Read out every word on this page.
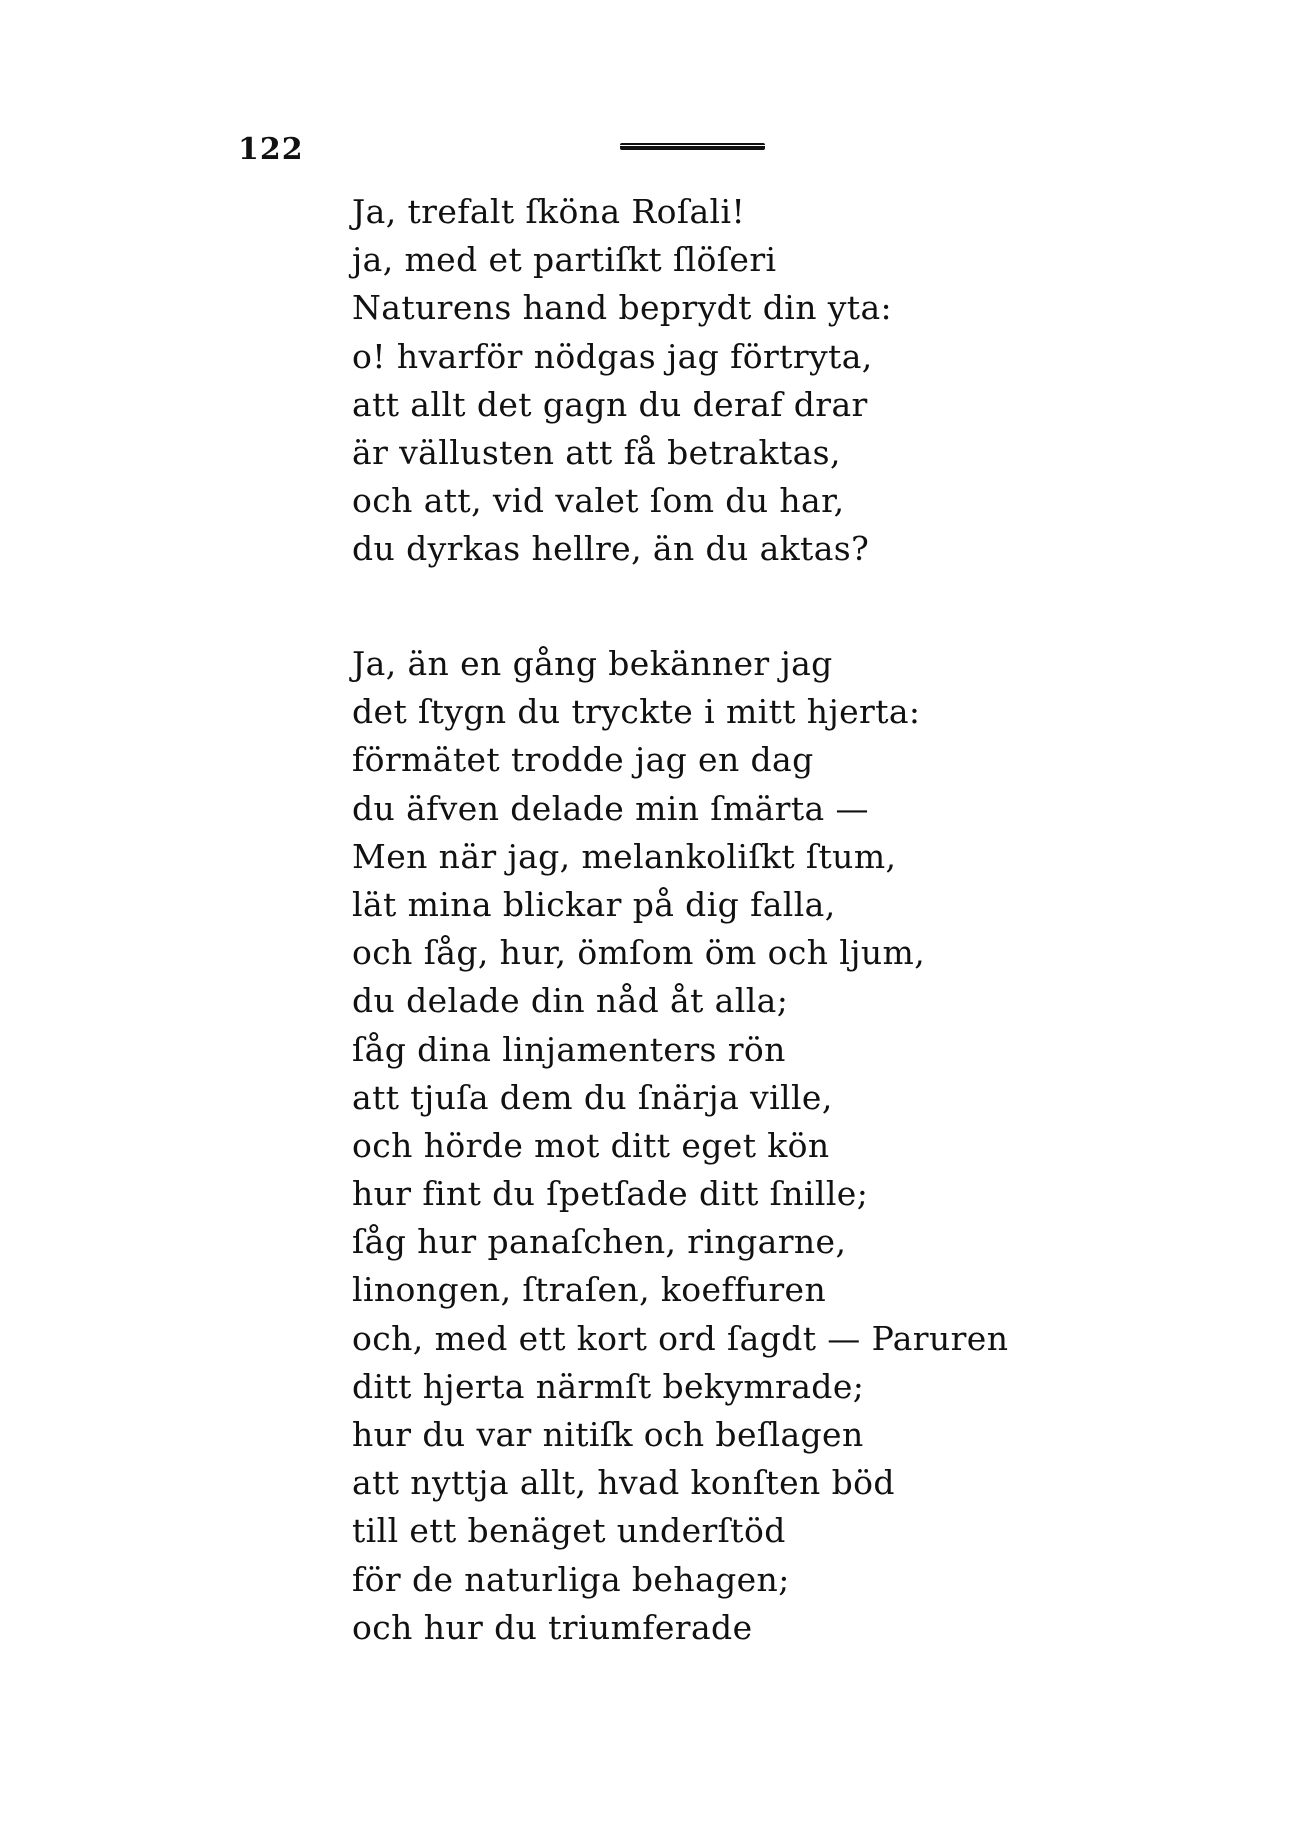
122
Ja, trefalt ſköna Roſali!
ja, med et partiſkt ſlöſeri
Naturens hand beprydt din yta:
o! hvarför nödgas jag förtryta,
att allt det gagn du deraf drar
är vällusten att få betraktas,
och att, vid valet ſom du har,
du dyrkas hellre, än du aktas?
Ja, än en gång bekänner jag
det ſtygn du tryckte i mitt hjerta:
förmätet trodde jag en dag
du äfven delade min ſmärta —
Men när jag, melankoliſkt ſtum,
lät mina blickar på dig falla,
och ſåg, hur, ömſom öm och ljum,
du delade din nåd åt alla;
ſåg dina linjamenters rön
att tjuſa dem du ſnärja ville,
och hörde mot ditt eget kön
hur fint du ſpetſade ditt ſnille;
ſåg hur panaſchen, ringarne,
linongen, ſtraſen, koeffuren
och, med ett kort ord ſagdt — Paruren
ditt hjerta närmſt bekymrade;
hur du var nitiſk och beſlagen
att nyttja allt, hvad konſten böd
till ett benäget underſtöd
för de naturliga behagen;
och hur du triumferade
